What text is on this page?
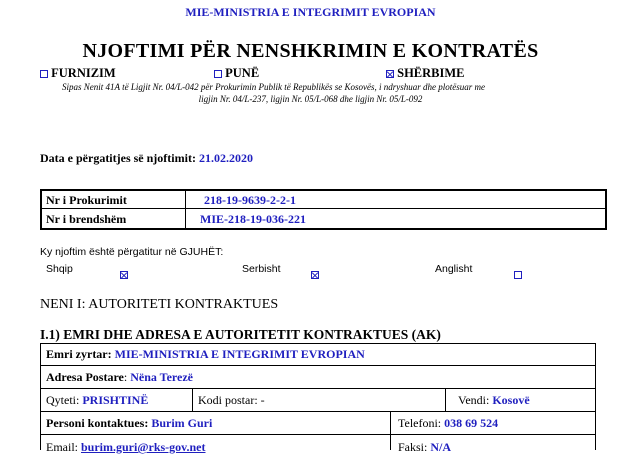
MIE-MINISTRIA E INTEGRIMIT EVROPIAN
NJOFTIMI PËR NENSHKRIMIN E KONTRATËS
FURNIZIM	PUNË	SHËRBIME
Sipas Nenit 41A të Ligjit Nr. 04/L-042 për Prokurimin Publik të Republikës se Kosovës, i ndryshuar dhe plotësuar me
ligjin Nr. 04/L-237, ligjin Nr. 05/L-068 dhe ligjin Nr. 05/L-092
Data e përgatitjes së njoftimit: 21.02.2020
Nr i Prokurimit	218-19-9639-2-2-1
Nr i brendshëm	MIE-218-19-036-221
Ky njoftim është përgatitur në GJUHËT:
Shqip
	Serbisht
	Anglisht
NENI I: AUTORITETI KONTRAKTUES
I.1) EMRI DHE ADRESA E AUTORITETIT KONTRAKTUES (AK)
Emri zyrtar: MIE-MINISTRIA E INTEGRIMIT EVROPIAN
Adresa Postare: Nëna Terezë
Qyteti: PRISHTINË	Kodi postar: -	Vendi: Kosovë
Personi kontaktues: Burim Guri	Telefoni: 038 69 524
Email: burim.guri@rks-gov.net	Faksi: N/A
